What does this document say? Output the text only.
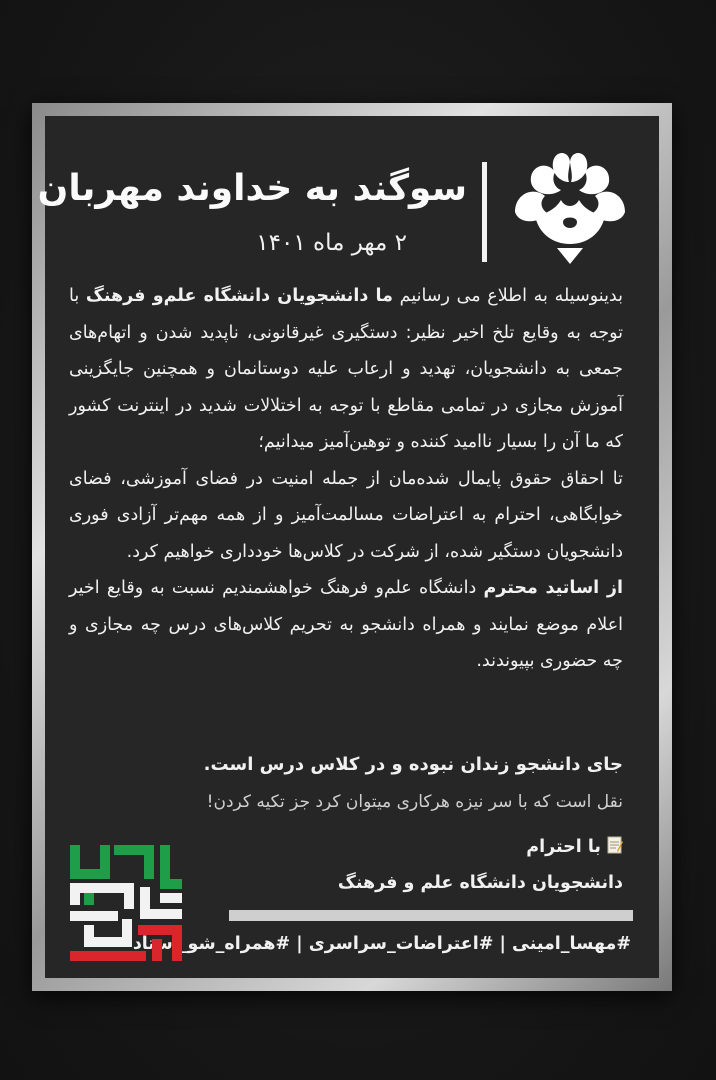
سوگند به خداوند مهربان
۲ مهر ماه ۱۴۰۱
بدینوسیله به اطلاع می رسانیم ما دانشجویان دانشگاه علم‌و فرهنگ با توجه به وقایع تلخ اخیر نظیر: دستگیری غیرقانونی، ناپدید شدن و اتهام‌های جمعی به دانشجویان، تهدید و ارعاب علیه دوستانمان و همچنین جایگزینی آموزش مجازی در تمامی مقاطع با توجه به اختلالات شدید در اینترنت کشور که ما آن را بسیار ناامید کننده و توهین‌آمیز میدانیم؛
تا احقاق حقوق پایمال شده‌مان از جمله امنیت در فضای آموزشی، فضای خوابگاهی، احترام به اعتراضات مسالمت‌آمیز و از همه مهم‌تر آزادی فوری دانشجویان دستگیر شده، از شرکت در کلاس‌ها خودداری خواهیم کرد.
از اساتید محترم دانشگاه علم‌و فرهنگ خواهشمندیم نسبت به وقایع اخیر اعلام موضع نمایند و همراه دانشجو به تحریم کلاس‌های درس چه مجازی و چه حضوری بپیوندند.
جای دانشجو زندان نبوده و در کلاس درس است.
نقل است که با سر نیزه هرکاری میتوان کرد جز تکیه کردن!
با احترام
دانشجویان دانشگاه علم و فرهنگ
#مهسا_امینی | #اعتراضات_سراسری | #همراه_شو_استاد
